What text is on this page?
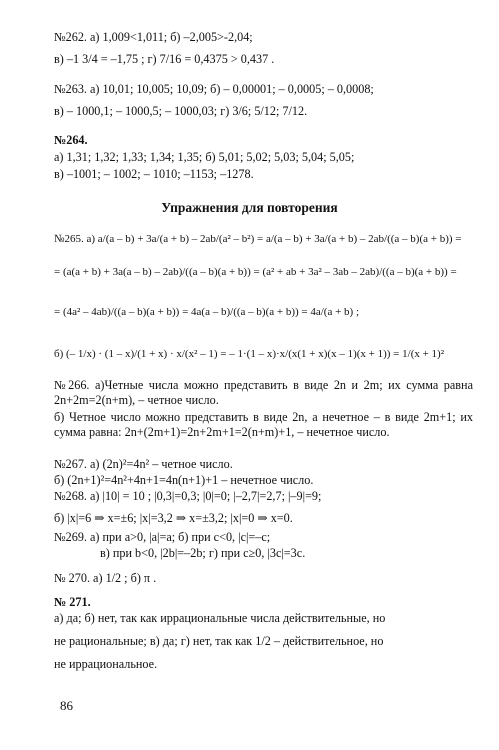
№262. а) 1,009<1,011; б) –2,005>-2,04;
в) –1 3/4 = –1,75 ; г) 7/16 = 0,4375 > 0,437 .
№263. а) 10,01; 10,005; 10,09; б) – 0,00001; – 0,0005; – 0,0008;
в) – 1000,1; – 1000,5; – 1000,03; г) 3/6; 5/12; 7/12.
№264.
а) 1,31; 1,32; 1,33; 1,34; 1,35; б) 5,01; 5,02; 5,03; 5,04; 5,05;
в) –1001; – 1002; – 1010; –1153; –1278.
Упражнения для повторения
№265. а) a/(a – b) + 3a/(a + b) – 2ab/(a² – b²) = a/(a – b) + 3a/(a + b) – 2ab/((a – b)(a + b)) =
= (a(a + b) + 3a(a – b) – 2ab)/((a – b)(a + b)) = (a² + ab + 3a² – 3ab – 2ab)/((a – b)(a + b)) =
= (4a² – 4ab)/((a – b)(a + b)) = 4a(a – b)/((a – b)(a + b)) = 4a/(a + b) ;
б) (– 1/x) · (1 – x)/(1 + x) · x/(x² – 1) = – 1·(1 – x)·x/(x(1 + x)(x – 1)(x + 1)) = 1/(x + 1)²
№266. а)Четные числа можно представить в виде 2n и 2m; их сумма равна 2n+2m=2(n+m), – четное число.
б) Четное число можно представить в виде 2n, а нечетное – в виде 2m+1; их сумма равна: 2n+(2m+1)=2n+2m+1=2(n+m)+1, – нечетное число.
№267. а) (2n)²=4n² – четное число.
б) (2n+1)²=4n²+4n+1=4n(n+1)+1 – нечетное число.
№268. а) |10| = 10 ; |0,3|=0,3; |0|=0; |–2,7|=2,7; |–9|=9;
б) |x|=6 ⇒ x=±6; |x|=3,2 ⇒ x=±3,2; |x|=0 ⇒ x=0.
№269. а) при a>0, |a|=a; б) при c<0, |c|=–c;
в) при b<0, |2b|=–2b; г) при c≥0, |3c|=3c.
№ 270. а) 1/2 ; б) π .
№ 271.
а) да; б) нет, так как иррациональные числа действительные, но
не рациональные; в) да; г) нет, так как 1/2 – действительное, но
не иррациональное.
86
